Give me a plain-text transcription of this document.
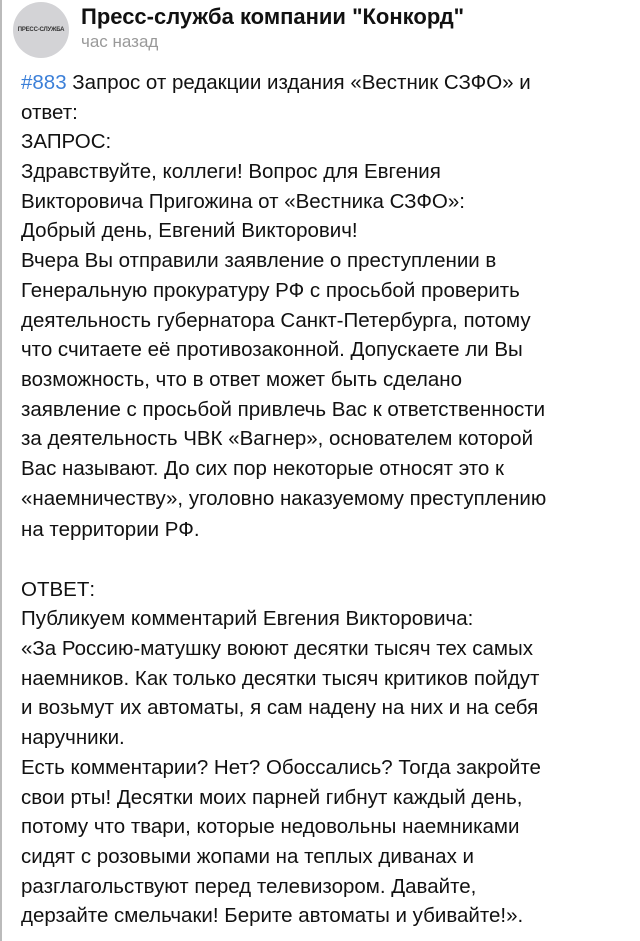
ПРЕСС-СЛУЖБА
Пресс-служба компании "Конкорд"
час назад
#883 Запрос от редакции издания «Вестник СЗФО» и
ответ:
ЗАПРОС:
Здравствуйте, коллеги! Вопрос для Евгения
Викторовича Пригожина от «Вестника СЗФО»:
Добрый день, Евгений Викторович!
Вчера Вы отправили заявление о преступлении в
Генеральную прокуратуру РФ с просьбой проверить
деятельность губернатора Санкт-Петербурга, потому
что считаете её противозаконной. Допускаете ли Вы
возможность, что в ответ может быть сделано
заявление с просьбой привлечь Вас к ответственности
за деятельность ЧВК «Вагнер», основателем которой
Вас называют. До сих пор некоторые относят это к
«наемничеству», уголовно наказуемому преступлению
на территории РФ.
ОТВЕТ:
Публикуем комментарий Евгения Викторовича:
«За Россию-матушку воюют десятки тысяч тех самых
наемников. Как только десятки тысяч критиков пойдут
и возьмут их автоматы, я сам надену на них и на себя
наручники.
Есть комментарии? Нет? Обоссались? Тогда закройте
свои рты! Десятки моих парней гибнут каждый день,
потому что твари, которые недовольны наемниками
сидят с розовыми жопами на теплых диванах и
разглагольствуют перед телевизором. Давайте,
дерзайте смельчаки! Берите автоматы и убивайте!».
